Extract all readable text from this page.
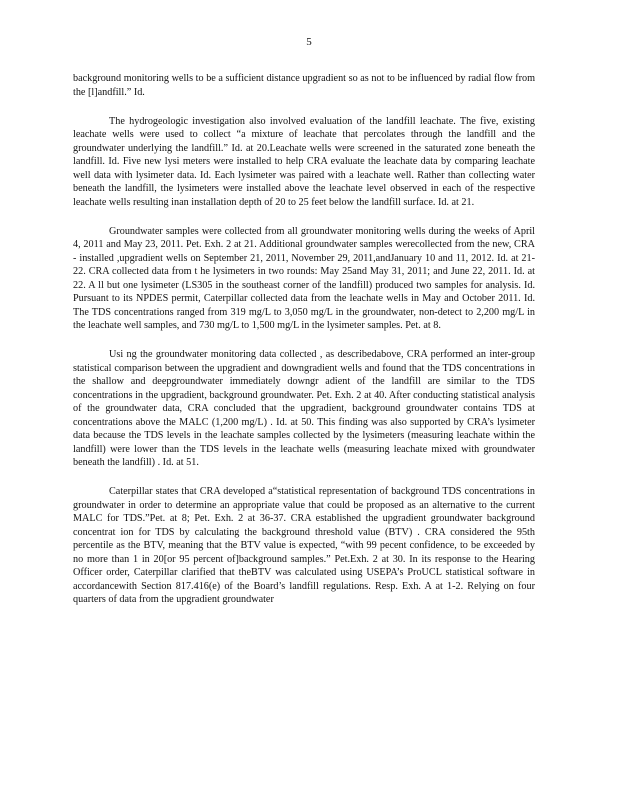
5

background monitoring wells to be a sufficient distance upgradient so as not to be influenced by radial flow from the [l]andfill.” Id.

The hydrogeologic investigation also involved evaluation of the landfill leachate. The five, existing leachate wells were used to collect “a mixture of leachate that percolates through the landfill and the groundwater underlying the landfill.” Id. at 20.Leachate wells were screened in the saturated zone beneath the landfill. Id. Five new lysi meters were installed to help CRA evaluate the leachate data by comparing leachate well data with lysimeter data. Id. Each lysimeter was paired with a leachate well. Rather than collecting water beneath the landfill, the lysimeters were installed above the leachate level observed in each of the respective leachate wells resulting inan installation depth of 20 to 25 feet below the landfill surface. Id. at 21.

Groundwater samples were collected from all groundwater monitoring wells during the weeks of April 4, 2011 and May 23, 2011. Pet. Exh. 2 at 21. Additional groundwater samples werecollected from the new, CRA - installed ,upgradient wells on September 21, 2011, November 29, 2011,andJanuary 10 and 11, 2012. Id. at 21-22. CRA collected data from t he lysimeters in two rounds: May 25and May 31, 2011; and June 22, 2011. Id. at 22. A ll but one lysimeter (LS305 in the southeast corner of the landfill) produced two samples for analysis. Id. Pursuant to its NPDES permit, Caterpillar collected data from the leachate wells in May and October 2011. Id. The TDS concentrations ranged from 319 mg/L to 3,050 mg/L in the groundwater, non-detect to 2,200 mg/L in the leachate well samples, and 730 mg/L to 1,500 mg/L in the lysimeter samples. Pet. at 8.

Usi ng the groundwater monitoring data collected , as describedabove, CRA performed an inter-group statistical comparison between the upgradient and downgradient wells and found that the TDS concentrations in the shallow and deepgroundwater immediately downgr adient of the landfill are similar to the TDS concentrations in the upgradient, background groundwater. Pet. Exh. 2 at 40. After conducting statistical analysis of the groundwater data, CRA concluded that the upgradient, background groundwater contains TDS at concentrations above the MALC (1,200 mg/L) . Id. at 50. This finding was also supported by CRA’s lysimeter data because the TDS levels in the leachate samples collected by the lysimeters (measuring leachate within the landfill) were lower than the TDS levels in the leachate wells (measuring leachate mixed with groundwater beneath the landfill) . Id. at 51.

Caterpillar states that CRA developed a“statistical representation of background TDS concentrations in groundwater in order to determine an appropriate value that could be proposed as an alternative to the current MALC for TDS.”Pet. at 8; Pet. Exh. 2 at 36-37. CRA established the upgradient groundwater background concentrat ion for TDS by calculating the background threshold value (BTV) . CRA considered the 95th percentile as the BTV, meaning that the BTV value is expected, “with 99 pecent confidence, to be exceeded by no more than 1 in 20[or 95 percent of]background samples.” Pet.Exh. 2 at 30. In its response to the Hearing Officer order, Caterpillar clarified that theBTV was calculated using USEPA’s ProUCL statistical software in accordancewith Section 817.416(e) of the Board’s landfill regulations. Resp. Exh. A at 1-2. Relying on four quarters of data from the upgradient groundwater
